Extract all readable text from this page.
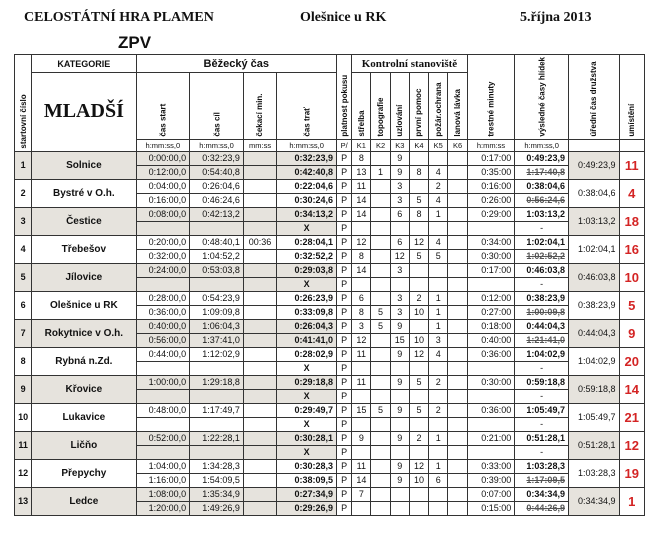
CELOSTÁTNÍ HRA PLAMEN	Olešnice u RK	5.října 2013
ZPV
startovní číslo	KATEGORIE	Běžecký čas				platnost pokusu	Kontrolní stanoviště						trestné minuty	výsledné časy hlídek	úřední čas družstva	umístění
	MLADŠÍ	čas start	čas cíl	čekací min.	čas trať		střelba	topografie	uzlování	první pomoc	požár.ochrana	lanová lávka				
		h:mm:ss,0	h:mm:ss,0	mm:ss	h:mm:ss,0	P/	K1	K2	K3	K4	K5	K6	h:mm:ss	h:mm:ss,0		
1	Solnice	0:00:00,0	0:32:23,9		0:32:23,9	P	8		9				0:17:00	0:49:23,9	0:49:23,9	11
		0:12:00,0	0:54:40,8		0:42:40,8	P	13	1	9	8	4		0:35:00	1:17:40,8		
2	Bystré v O.h.	0:04:00,0	0:26:04,6		0:22:04,6	P	11		3		2		0:16:00	0:38:04,6	0:38:04,6	4
		0:16:00,0	0:46:24,6		0:30:24,6	P	14		3	5	4		0:26:00	0:56:24,6		
3	Čestice	0:08:00,0	0:42:13,2		0:34:13,2	P	14		6	8	1		0:29:00	1:03:13,2	1:03:13,2	18
					X	P								-		
4	Třebešov	0:20:00,0	0:48:40,1	00:36	0:28:04,1	P	12		6	12	4		0:34:00	1:02:04,1	1:02:04,1	16
		0:32:00,0	1:04:52,2		0:32:52,2	P	8		12	5	5		0:30:00	1:02:52,2		
5	Jílovice	0:24:00,0	0:53:03,8		0:29:03,8	P	14		3				0:17:00	0:46:03,8	0:46:03,8	10
					X	P								-		
6	Olešnice u RK	0:28:00,0	0:54:23,9		0:26:23,9	P	6		3	2	1		0:12:00	0:38:23,9	0:38:23,9	5
		0:36:00,0	1:09:09,8		0:33:09,8	P	8	5	3	10	1		0:27:00	1:00:09,8		
7	Rokytnice v O.h.	0:40:00,0	1:06:04,3		0:26:04,3	P	3	5	9		1		0:18:00	0:44:04,3	0:44:04,3	9
		0:56:00,0	1:37:41,0		0:41:41,0	P	12		15	10	3		0:40:00	1:21:41,0		
8	Rybná n.Zd.	0:44:00,0	1:12:02,9		0:28:02,9	P	11		9	12	4		0:36:00	1:04:02,9	1:04:02,9	20
					X	P								-		
9	Křovice	1:00:00,0	1:29:18,8		0:29:18,8	P	11		9	5	2		0:30:00	0:59:18,8	0:59:18,8	14
					X	P								-		
10	Lukavice	0:48:00,0	1:17:49,7		0:29:49,7	P	15	5	9	5	2		0:36:00	1:05:49,7	1:05:49,7	21
					X	P								-		
11	Ličňo	0:52:00,0	1:22:28,1		0:30:28,1	P	9		9	2	1		0:21:00	0:51:28,1	0:51:28,1	12
					X	P								-		
12	Přepychy	1:04:00,0	1:34:28,3		0:30:28,3	P	11		9	12	1		0:33:00	1:03:28,3	1:03:28,3	19
		1:16:00,0	1:54:09,5		0:38:09,5	P	14		9	10	6		0:39:00	1:17:09,5		
13	Ledce	1:08:00,0	1:35:34,9		0:27:34,9	P	7						0:07:00	0:34:34,9	0:34:34,9	1
		1:20:00,0	1:49:26,9		0:29:26,9	P							0:15:00	0:44:26,9		
